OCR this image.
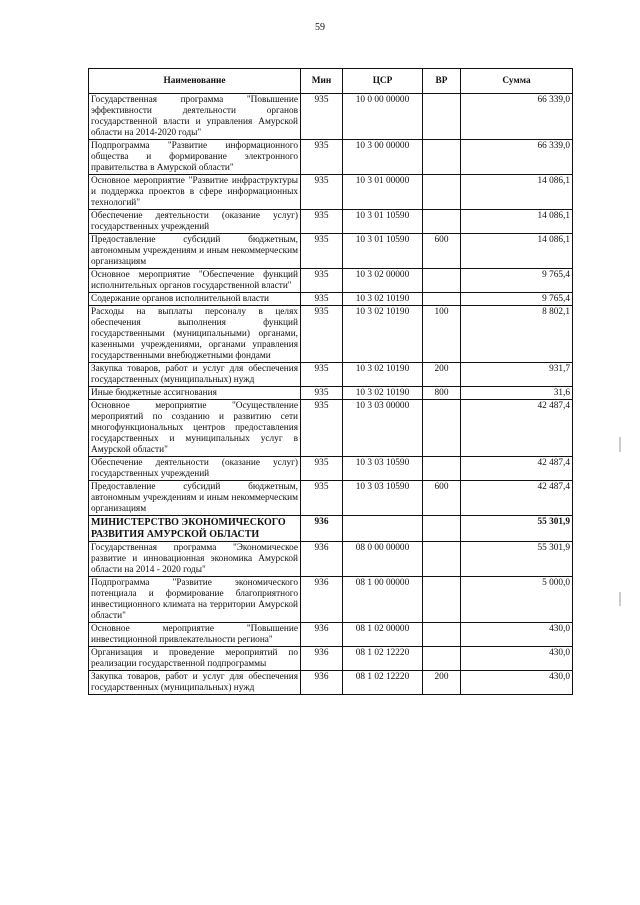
59
Наименование	Мин	ЦСР	ВР	Сумма
Государственная программа "Повышение эффективности деятельности органов государственной власти и управления Амурской области на 2014-2020 годы"	935	10 0 00 00000		66 339,0
Подпрограмма "Развитие информационного общества и формирование электронного правительства в Амурской области"	935	10 3 00 00000		66 339,0
Основное мероприятие "Развитие инфраструктуры и поддержка проектов в сфере информационных технологий"	935	10 3 01 00000		14 086,1
Обеспечение деятельности (оказание услуг) государственных учреждений	935	10 3 01 10590		14 086,1
Предоставление субсидий бюджетным, автономным учреждениям и иным некоммерческим организациям	935	10 3 01 10590	600	14 086,1
Основное мероприятие "Обеспечение функций исполнительных органов государственной власти"	935	10 3 02 00000		9 765,4
Содержание органов исполнительной власти	935	10 3 02 10190		9 765,4
Расходы на выплаты персоналу в целях обеспечения выполнения функций государственными (муниципальными) органами, казенными учреждениями, органами управления государственными внебюджетными фондами	935	10 3 02 10190	100	8 802,1
Закупка товаров, работ и услуг для обеспечения государственных (муниципальных) нужд	935	10 3 02 10190	200	931,7
Иные бюджетные ассигнования	935	10 3 02 10190	800	31,6
Основное мероприятие "Осуществление мероприятий по созданию и развитию сети многофункциональных центров предоставления государственных и муниципальных услуг в Амурской области"	935	10 3 03 00000		42 487,4
Обеспечение деятельности (оказание услуг) государственных учреждений	935	10 3 03 10590		42 487,4
Предоставление субсидий бюджетным, автономным учреждениям и иным некоммерческим организациям	935	10 3 03 10590	600	42 487,4
МИНИСТЕРСТВО ЭКОНОМИЧЕСКОГО РАЗВИТИЯ АМУРСКОЙ ОБЛАСТИ	936			55 301,9
Государственная программа "Экономическое развитие и инновационная экономика Амурской области на 2014 - 2020 годы"	936	08 0 00 00000		55 301,9
Подпрограмма "Развитие экономического потенциала и формирование благоприятного инвестиционного климата на территории Амурской области"	936	08 1 00 00000		5 000,0
Основное мероприятие "Повышение инвестиционной привлекательности региона"	936	08 1 02 00000		430,0
Организация и проведение мероприятий по реализации государственной подпрограммы	936	08 1 02 12220		430,0
Закупка товаров, работ и услуг для обеспечения государственных (муниципальных) нужд	936	08 1 02 12220	200	430,0
